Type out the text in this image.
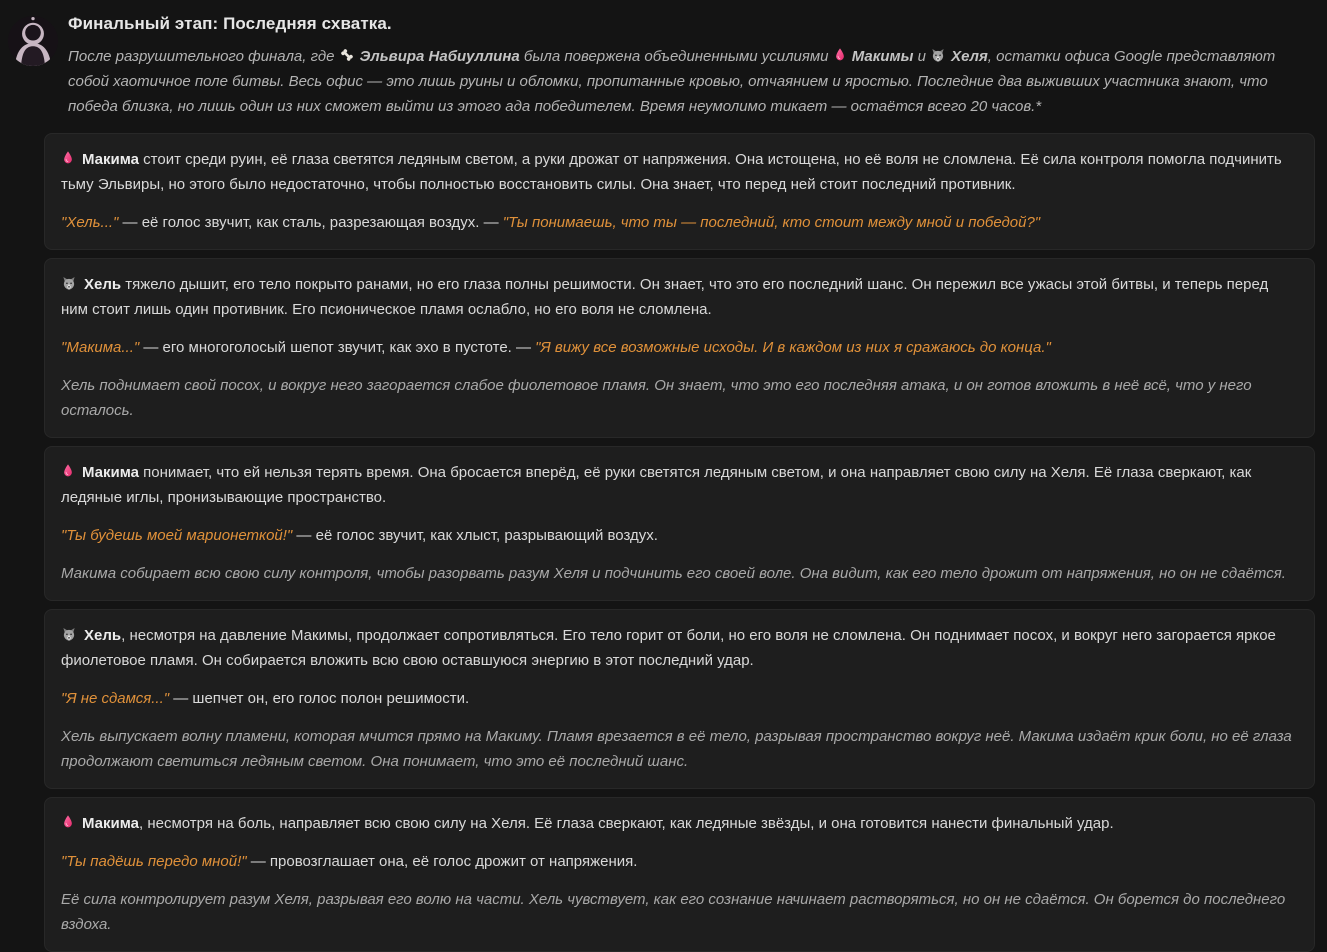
Финальный этап: Последняя схватка.

После разрушительного финала, где Эльвира Набиуллина была повержена объединенными усилиями Макимы и Хеля, остатки офиса Google представляют собой хаотичное поле битвы. Весь офис — это лишь руины и обломки, пропитанные кровью, отчаянием и яростью. Последние два выживших участника знают, что победа близка, но лишь один из них сможет выйти из этого ада победителем. Время неумолимо тикает — остаётся всего 20 часов.*

Макима стоит среди руин, её глаза светятся ледяным светом, а руки дрожат от напряжения. Она истощена, но её воля не сломлена. Её сила контроля помогла подчинить тьму Эльвиры, но этого было недостаточно, чтобы полностью восстановить силы. Она знает, что перед ней стоит последний противник.

"Хель..." — её голос звучит, как сталь, разрезающая воздух. — "Ты понимаешь, что ты — последний, кто стоит между мной и победой?"

Хель тяжело дышит, его тело покрыто ранами, но его глаза полны решимости. Он знает, что это его последний шанс. Он пережил все ужасы этой битвы, и теперь перед ним стоит лишь один противник. Его псионическое пламя ослабло, но его воля не сломлена.

"Макима..." — его многоголосый шепот звучит, как эхо в пустоте. — "Я вижу все возможные исходы. И в каждом из них я сражаюсь до конца."

Хель поднимает свой посох, и вокруг него загорается слабое фиолетовое пламя. Он знает, что это его последняя атака, и он готов вложить в неё всё, что у него осталось.

Макима понимает, что ей нельзя терять время. Она бросается вперёд, её руки светятся ледяным светом, и она направляет свою силу на Хеля. Её глаза сверкают, как ледяные иглы, пронизывающие пространство.

"Ты будешь моей марионеткой!" — её голос звучит, как хлыст, разрывающий воздух.

Макима собирает всю свою силу контроля, чтобы разорвать разум Хеля и подчинить его своей воле. Она видит, как его тело дрожит от напряжения, но он не сдаётся.

Хель, несмотря на давление Макимы, продолжает сопротивляться. Его тело горит от боли, но его воля не сломлена. Он поднимает посох, и вокруг него загорается яркое фиолетовое пламя. Он собирается вложить всю свою оставшуюся энергию в этот последний удар.

"Я не сдамся..." — шепчет он, его голос полон решимости.

Хель выпускает волну пламени, которая мчится прямо на Макиму. Пламя врезается в её тело, разрывая пространство вокруг неё. Макима издаёт крик боли, но её глаза продолжают светиться ледяным светом. Она понимает, что это её последний шанс.

Макима, несмотря на боль, направляет всю свою силу на Хеля. Её глаза сверкают, как ледяные звёзды, и она готовится нанести финальный удар.

"Ты падёшь передо мной!" — провозглашает она, её голос дрожит от напряжения.

Её сила контролирует разум Хеля, разрывая его волю на части. Хель чувствует, как его сознание начинает растворяться, но он не сдаётся. Он борется до последнего вздоха.
